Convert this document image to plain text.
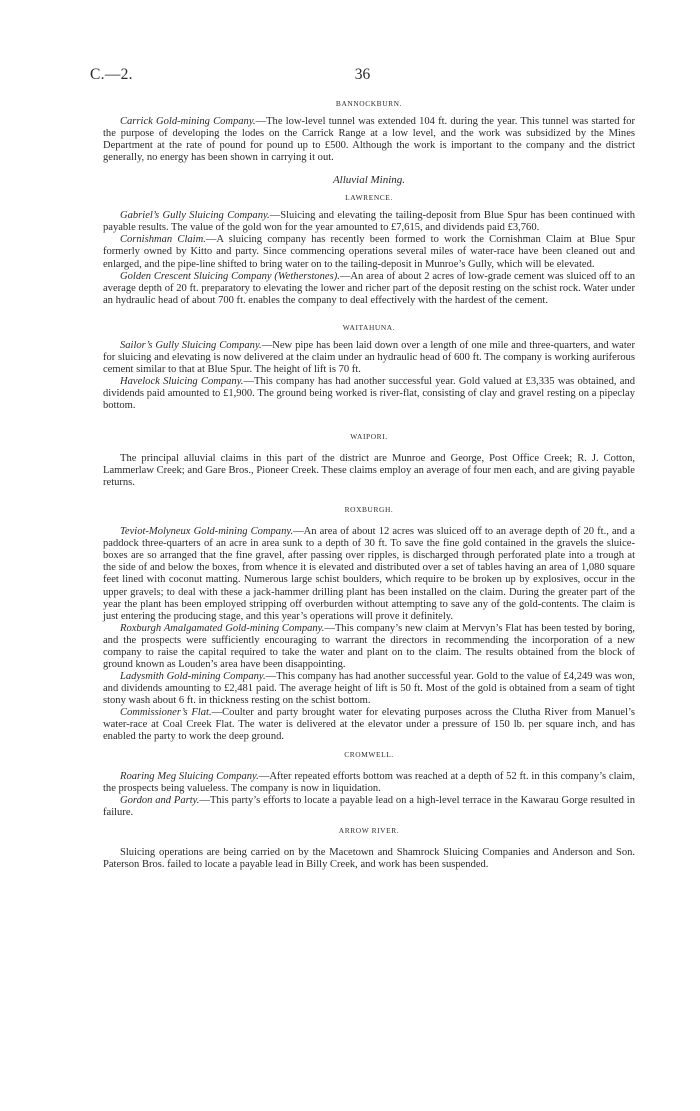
C.—2.	36
BANNOCKBURN.

Carrick Gold-mining Company.—The low-level tunnel was extended 104 ft. during the year. This tunnel was started for the purpose of developing the lodes on the Carrick Range at a low level, and the work was subsidized by the Mines Department at the rate of pound for pound up to £500. Although the work is important to the company and the district generally, no energy has been shown in carrying it out.

Alluvial Mining.
LAWRENCE.

Gabriel’s Gully Sluicing Company.—Sluicing and elevating the tailing-deposit from Blue Spur has been continued with payable results. The value of the gold won for the year amounted to £7,615, and dividends paid £3,760.

Cornishman Claim.—A sluicing company has recently been formed to work the Cornishman Claim at Blue Spur formerly owned by Kitto and party. Since commencing operations several miles of water-race have been cleaned out and enlarged, and the pipe-line shifted to bring water on to the tailing-deposit in Munroe’s Gully, which will be elevated.

Golden Crescent Sluicing Company (Wetherstones).—An area of about 2 acres of low-grade cement was sluiced off to an average depth of 20 ft. preparatory to elevating the lower and richer part of the deposit resting on the schist rock. Water under an hydraulic head of about 700 ft. enables the company to deal effectively with the hardest of the cement.

WAITAHUNA.

Sailor’s Gully Sluicing Company.—New pipe has been laid down over a length of one mile and three-quarters, and water for sluicing and elevating is now delivered at the claim under an hydraulic head of 600 ft. The company is working auriferous cement similar to that at Blue Spur. The height of lift is 70 ft.

Havelock Sluicing Company.—This company has had another successful year. Gold valued at £3,335 was obtained, and dividends paid amounted to £1,900. The ground being worked is river-flat, consisting of clay and gravel resting on a pipeclay bottom.

WAIPORI.

The principal alluvial claims in this part of the district are Munroe and George, Post Office Creek; R. J. Cotton, Lammerlaw Creek; and Gare Bros., Pioneer Creek. These claims employ an average of four men each, and are giving payable returns.

ROXBURGH.

Teviot-Molyneux Gold-mining Company.—An area of about 12 acres was sluiced off to an average depth of 20 ft., and a paddock three-quarters of an acre in area sunk to a depth of 30 ft. To save the fine gold contained in the gravels the sluice-boxes are so arranged that the fine gravel, after passing over ripples, is discharged through perforated plate into a trough at the side of and below the boxes, from whence it is elevated and distributed over a set of tables having an area of 1,080 square feet lined with coconut matting. Numerous large schist boulders, which require to be broken up by explosives, occur in the upper gravels; to deal with these a jack-hammer drilling plant has been installed on the claim. During the greater part of the year the plant has been employed stripping off overburden without attempting to save any of the gold-contents. The claim is just entering the producing stage, and this year’s operations will prove it definitely.

Roxburgh Amalgamated Gold-mining Company.—This company’s new claim at Mervyn’s Flat has been tested by boring, and the prospects were sufficiently encouraging to warrant the directors in recommending the incorporation of a new company to raise the capital required to take the water and plant on to the claim. The results obtained from the block of ground known as Louden’s area have been disappointing.

Ladysmith Gold-mining Company.—This company has had another successful year. Gold to the value of £4,249 was won, and dividends amounting to £2,481 paid. The average height of lift is 50 ft. Most of the gold is obtained from a seam of tight stony wash about 6 ft. in thickness resting on the schist bottom.

Commissioner’s Flat.—Coulter and party brought water for elevating purposes across the Clutha River from Manuel’s water-race at Coal Creek Flat. The water is delivered at the elevator under a pressure of 150 lb. per square inch, and has enabled the party to work the deep ground.

CROMWELL.

Roaring Meg Sluicing Company.—After repeated efforts bottom was reached at a depth of 52 ft. in this company’s claim, the prospects being valueless. The company is now in liquidation.

Gordon and Party.—This party’s efforts to locate a payable lead on a high-level terrace in the Kawarau Gorge resulted in failure.

ARROW RIVER.

Sluicing operations are being carried on by the Macetown and Shamrock Sluicing Companies and Anderson and Son. Paterson Bros. failed to locate a payable lead in Billy Creek, and work has been suspended.
